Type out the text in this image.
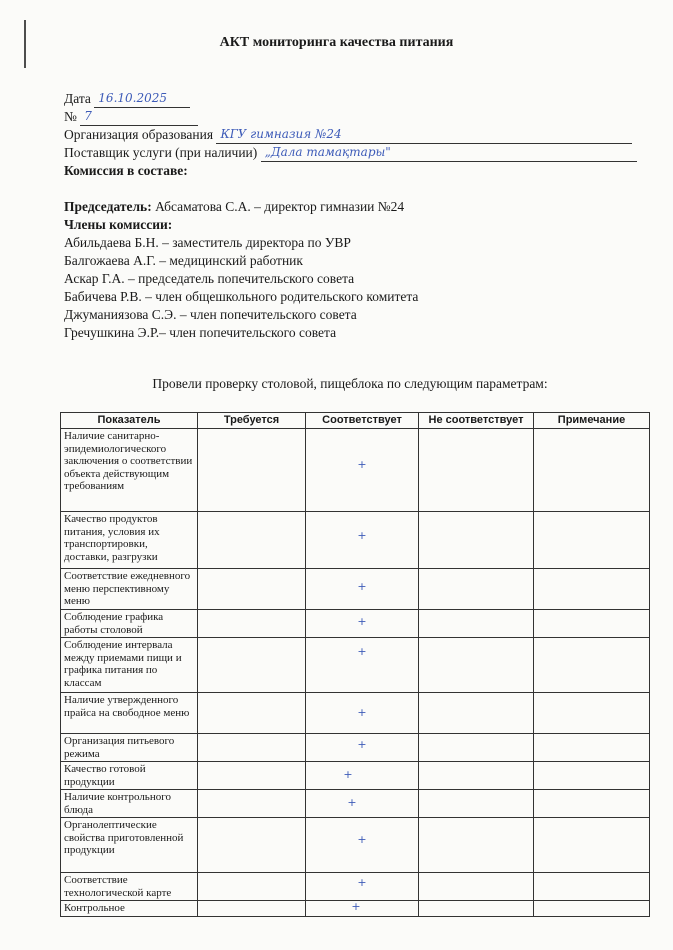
АКТ мониторинга качества питания
Дата 16.10.2025
№ 7
Организация образования КГУ гимназия №24
Поставщик услуги (при наличии) „Дала тамақтары"
Комиссия в составе:
Председатель: Абсаматова С.А. – директор гимназии №24
Члены комиссии:
Абильдаева Б.Н. – заместитель директора по УВР
Балгожаева А.Г. – медицинский работник
Аскар Г.А. – председатель попечительского совета
Бабичева Р.В. – член общешкольного родительского комитета
Джуманиязова С.Э. – член попечительского совета
Гречушкина Э.Р.– член попечительского совета
Провели проверку столовой, пищеблока по следующим параметрам:
Показатель	Требуется	Соответствует	Не соответствует	Примечание
Наличие санитарно-эпидемиологического заключения о соответствии объекта действующим требованиям		+		

Качество продуктов питания, условия их транспортировки, доставки, разгрузки		+		

Соответствие ежедневного меню перспективному меню		+		

Соблюдение графика работы столовой		+		

Соблюдение интервала между приемами пищи и графика питания по классам		+		

Наличие утвержденного прайса на свободное меню		+		

Организация питьевого режима		+		

Качество готовой продукции		+		

Наличие контрольного блюда		+		

Органолептические свойства приготовленной продукции		+		

Соответствие технологической карте		+		

Контрольное		+		
